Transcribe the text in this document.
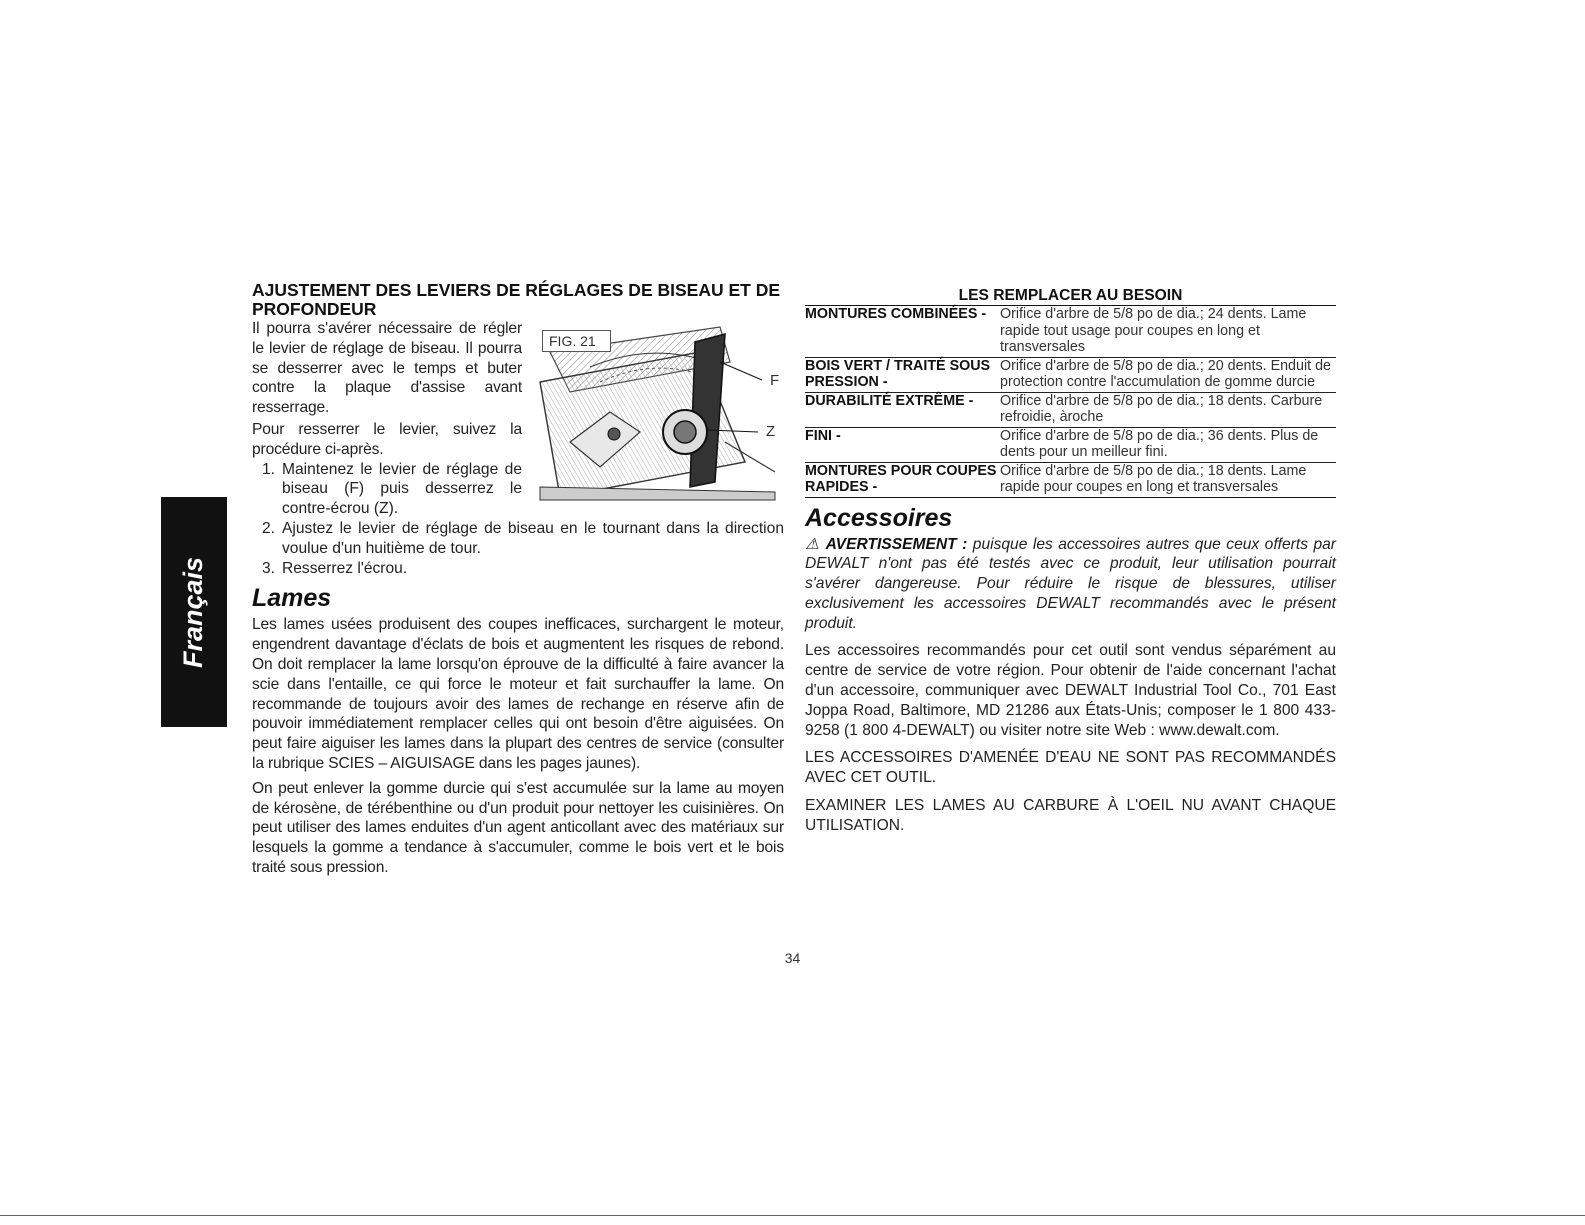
Français
AJUSTEMENT DES LEVIERS DE RÉGLAGES DE BISEAU ET DE PROFONDEUR
FIG. 21
F
Z

Il pourra s'avérer nécessaire de régler le levier de réglage de biseau. Il pourra se desserrer avec le temps et buter contre la plaque d'assise avant resserrage.

Pour resserrer le levier, suivez la procédure ci-après.

1. Maintenez le levier de réglage de biseau (F) puis desserrez le contre-écrou (Z).
2. Ajustez le levier de réglage de biseau en le tournant dans la direction voulue d'un huitième de tour.
3. Resserrez l'écrou.
Lames

Les lames usées produisent des coupes inefficaces, surchargent le moteur, engendrent davantage d'éclats de bois et augmentent les risques de rebond. On doit remplacer la lame lorsqu'on éprouve de la difficulté à faire avancer la scie dans l'entaille, ce qui force le moteur et fait surchauffer la lame. On recommande de toujours avoir des lames de rechange en réserve afin de pouvoir immédiatement remplacer celles qui ont besoin d'être aiguisées. On peut faire aiguiser les lames dans la plupart des centres de service (consulter la rubrique SCIES – AIGUISAGE dans les pages jaunes).

On peut enlever la gomme durcie qui s'est accumulée sur la lame au moyen de kérosène, de térébenthine ou d'un produit pour nettoyer les cuisinières. On peut utiliser des lames enduites d'un agent anticollant avec des matériaux sur lesquels la gomme a tendance à s'accumuler, comme le bois vert et le bois traité sous pression.

LES REMPLACER AU BESOIN
MONTURES COMBINÉES -	Orifice d'arbre de 5/8 po de dia.; 24 dents. Lame rapide tout usage pour coupes en long et transversales
BOIS VERT / TRAITÉ SOUS PRESSION -	Orifice d'arbre de 5/8 po de dia.; 20 dents. Enduit de protection contre l'accumulation de gomme durcie
DURABILITÉ EXTRÊME -	Orifice d'arbre de 5/8 po de dia.; 18 dents. Carbure refroidie, àroche
FINI -	Orifice d'arbre de 5/8 po de dia.; 36 dents. Plus de dents pour un meilleur fini.
MONTURES POUR COUPES RAPIDES -	Orifice d'arbre de 5/8 po de dia.; 18 dents. Lame rapide pour coupes en long et transversales
Accessoires

⚠ AVERTISSEMENT : puisque les accessoires autres que ceux offerts par DEWALT n'ont pas été testés avec ce produit, leur utilisation pourrait s'avérer dangereuse. Pour réduire le risque de blessures, utiliser exclusivement les accessoires DEWALT recommandés avec le présent produit.

Les accessoires recommandés pour cet outil sont vendus séparément au centre de service de votre région. Pour obtenir de l'aide concernant l'achat d'un accessoire, communiquer avec DEWALT Industrial Tool Co., 701 East Joppa Road, Baltimore, MD 21286 aux États-Unis; composer le 1 800 433-9258 (1 800 4-DEWALT) ou visiter notre site Web : www.dewalt.com.

LES ACCESSOIRES D'AMENÉE D'EAU NE SONT PAS RECOMMANDÉS AVEC CET OUTIL.

EXAMINER LES LAMES AU CARBURE À L'OEIL NU AVANT CHAQUE UTILISATION.

34
